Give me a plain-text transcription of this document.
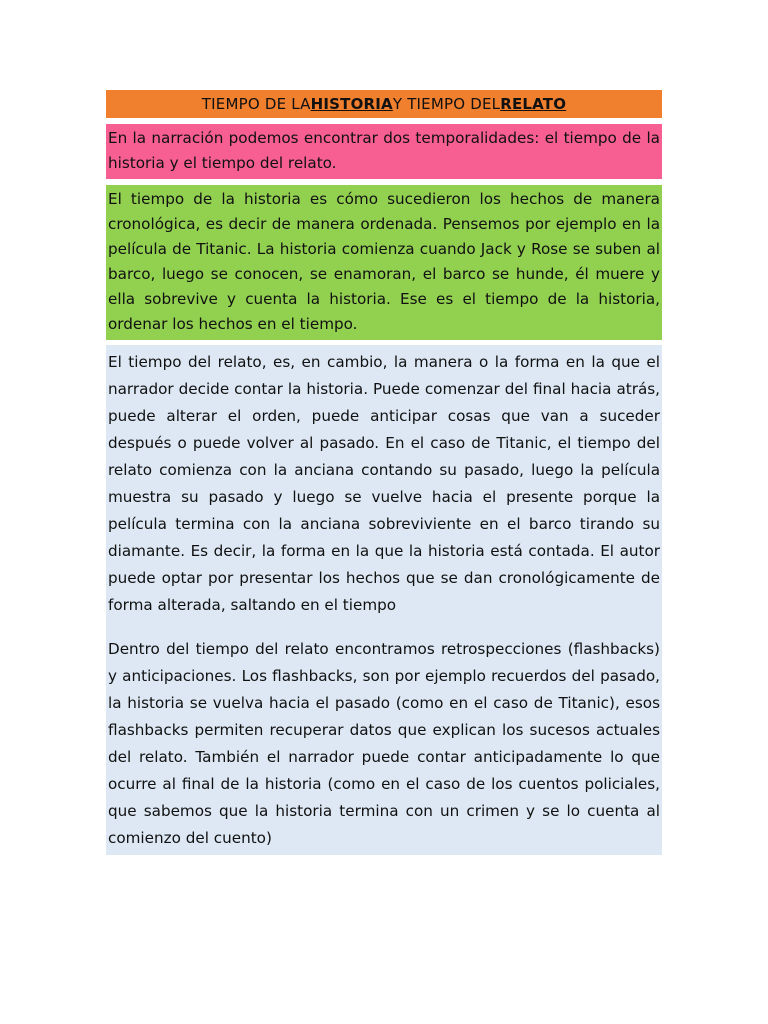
TIEMPO DE LA HISTORIA Y TIEMPO DEL RELATO
En la narración podemos encontrar dos temporalidades: el tiempo de la historia y el tiempo del relato.
El tiempo de la historia es cómo sucedieron los hechos de manera cronológica, es decir de manera ordenada. Pensemos por ejemplo en la película de Titanic. La historia comienza cuando Jack y Rose se suben al barco, luego se conocen, se enamoran, el barco se hunde, él muere y ella sobrevive y cuenta la historia. Ese es el tiempo de la historia, ordenar los hechos en el tiempo.
El tiempo del relato, es, en cambio, la manera o la forma en la que el narrador decide contar la historia. Puede comenzar del final hacia atrás, puede alterar el orden, puede anticipar cosas que van a suceder después o puede volver al pasado. En el caso de Titanic, el tiempo del relato comienza con la anciana contando su pasado, luego la película muestra su pasado y luego se vuelve hacia el presente porque la película termina con la anciana sobreviviente en el barco tirando su diamante. Es decir, la forma en la que la historia está contada. El autor puede optar por presentar los hechos que se dan cronológicamente de forma alterada, saltando en el tiempo
Dentro del tiempo del relato encontramos retrospecciones (flashbacks) y anticipaciones. Los flashbacks, son por ejemplo recuerdos del pasado, la historia se vuelva hacia el pasado (como en el caso de Titanic), esos flashbacks permiten recuperar datos que explican los sucesos actuales del relato. También el narrador puede contar anticipadamente lo que ocurre al final de la historia (como en el caso de los cuentos policiales, que sabemos que la historia termina con un crimen y se lo cuenta al comienzo del cuento)
